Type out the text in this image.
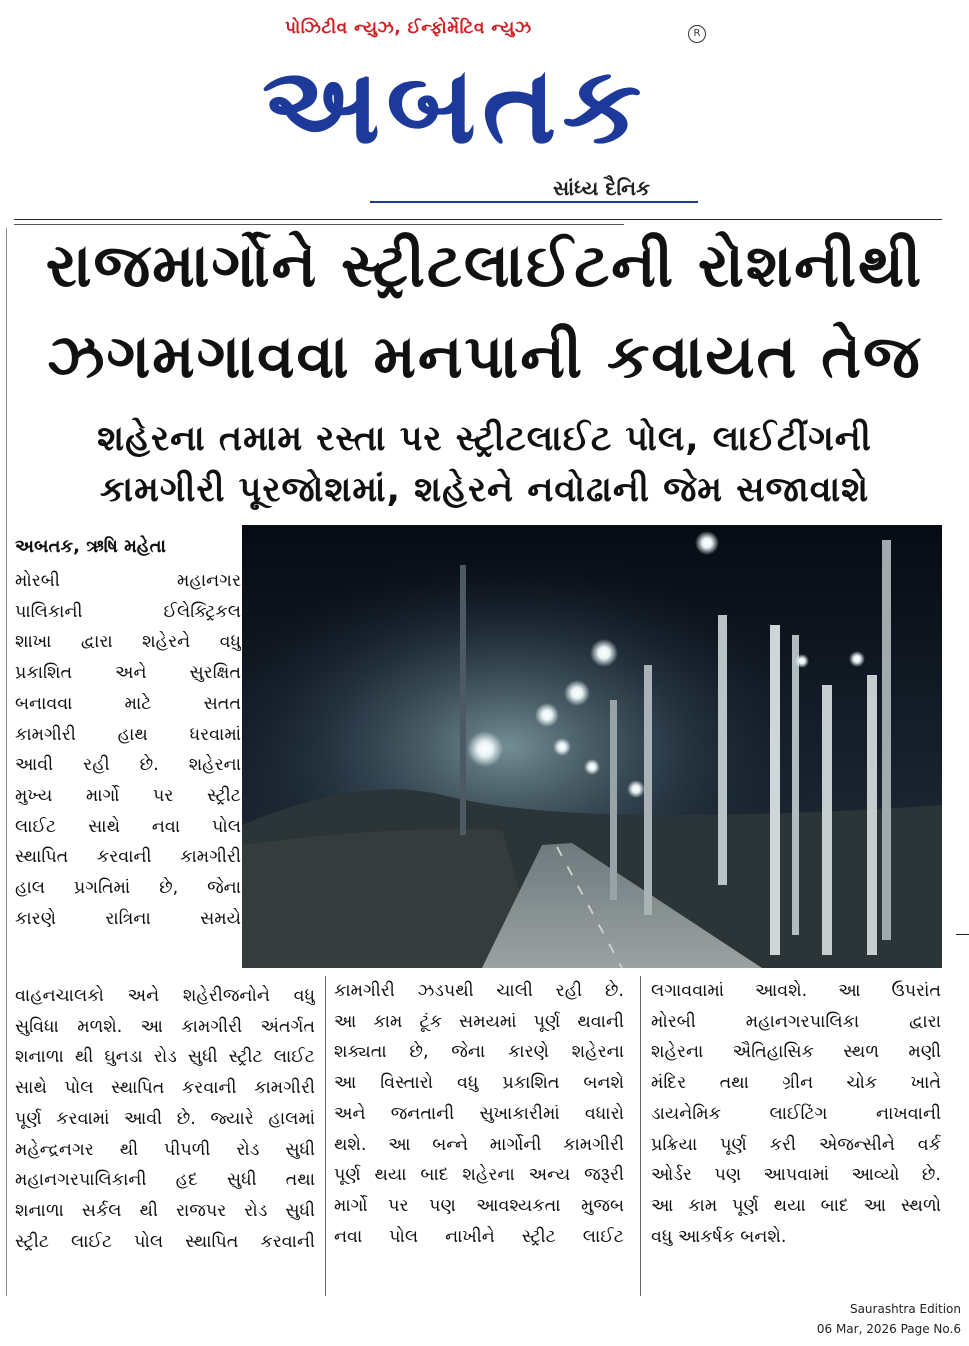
પોઝિટીવ ન્યુઝ, ઈન્ફોર્મેટિવ ન્યુઝ	R
અબતક
સાંધ્ય દૈનિક
રાજમાર્ગોને સ્ટ્રીટલાઈટની રોશનીથી
ઝગમગાવવા મનપાની કવાયત તેજ
શહેરના તમામ રસ્તા પર સ્ટ્રીટલાઈટ પોલ, લાઈટીંગની
કામગીરી પૂરજોશમાં, શહેરને નવોઢાની જેમ સજાવાશે
અબતક, ઋષિ મહેતા
મોરબી મહાનગર
પાલિકાની ઈલેક્ટ્રિકલ
શાખા દ્વારા શહેરને વધુ
પ્રકાશિત અને સુરક્ષિત
બનાવવા માટે સતત
કામગીરી હાથ ધરવામાં
આવી રહી છે. શહેરના
મુખ્ય માર્ગો પર સ્ટ્રીટ
લાઈટ સાથે નવા પોલ
સ્થાપિત કરવાની કામગીરી
હાલ પ્રગતિમાં છે, જેના
કારણે રાત્રિના સમયે
વાહનચાલકો અને શહેરીજનોને વધુ
સુવિધા મળશે. આ કામગીરી અંતર્ગત
શનાળા થી ઘુનડા રોડ સુધી સ્ટ્રીટ લાઈટ
સાથે પોલ સ્થાપિત કરવાની કામગીરી
પૂર્ણ કરવામાં આવી છે. જ્યારે હાલમાં
મહેન્દ્રનગર થી પીપળી રોડ સુધી
મહાનગરપાલિકાની હદ સુધી તથા
શનાળા સર્કલ થી રાજપર રોડ સુધી
સ્ટ્રીટ લાઈટ પોલ સ્થાપિત કરવાની
કામગીરી ઝડપથી ચાલી રહી છે.
આ કામ ટૂંક સમયમાં પૂર્ણ થવાની
શક્યતા છે, જેના કારણે શહેરના
આ વિસ્તારો વધુ પ્રકાશિત બનશે
અને જનતાની સુખાકારીમાં વધારો
થશે. આ બન્ને માર્ગોની કામગીરી
પૂર્ણ થયા બાદ શહેરના અન્ય જરૂરી
માર્ગો પર પણ આવશ્યકતા મુજબ
નવા પોલ નાખીને સ્ટ્રીટ લાઈટ
લગાવવામાં આવશે. આ ઉપરાંત
મોરબી મહાનગરપાલિકા દ્વારા
શહેરના ઐતિહાસિક સ્થળ મણી
મંદિર તથા ગ્રીન ચોક ખાતે
ડાયનેમિક લાઈટિંગ નાખવાની
પ્રક્રિયા પૂર્ણ કરી એજન્સીને વર્ક
ઓર્ડર પણ આપવામાં આવ્યો છે.
આ કામ પૂર્ણ થયા બાદ આ સ્થળો
વધુ આકર્ષક બનશે.
Saurashtra Edition
06 Mar, 2026 Page No.6
